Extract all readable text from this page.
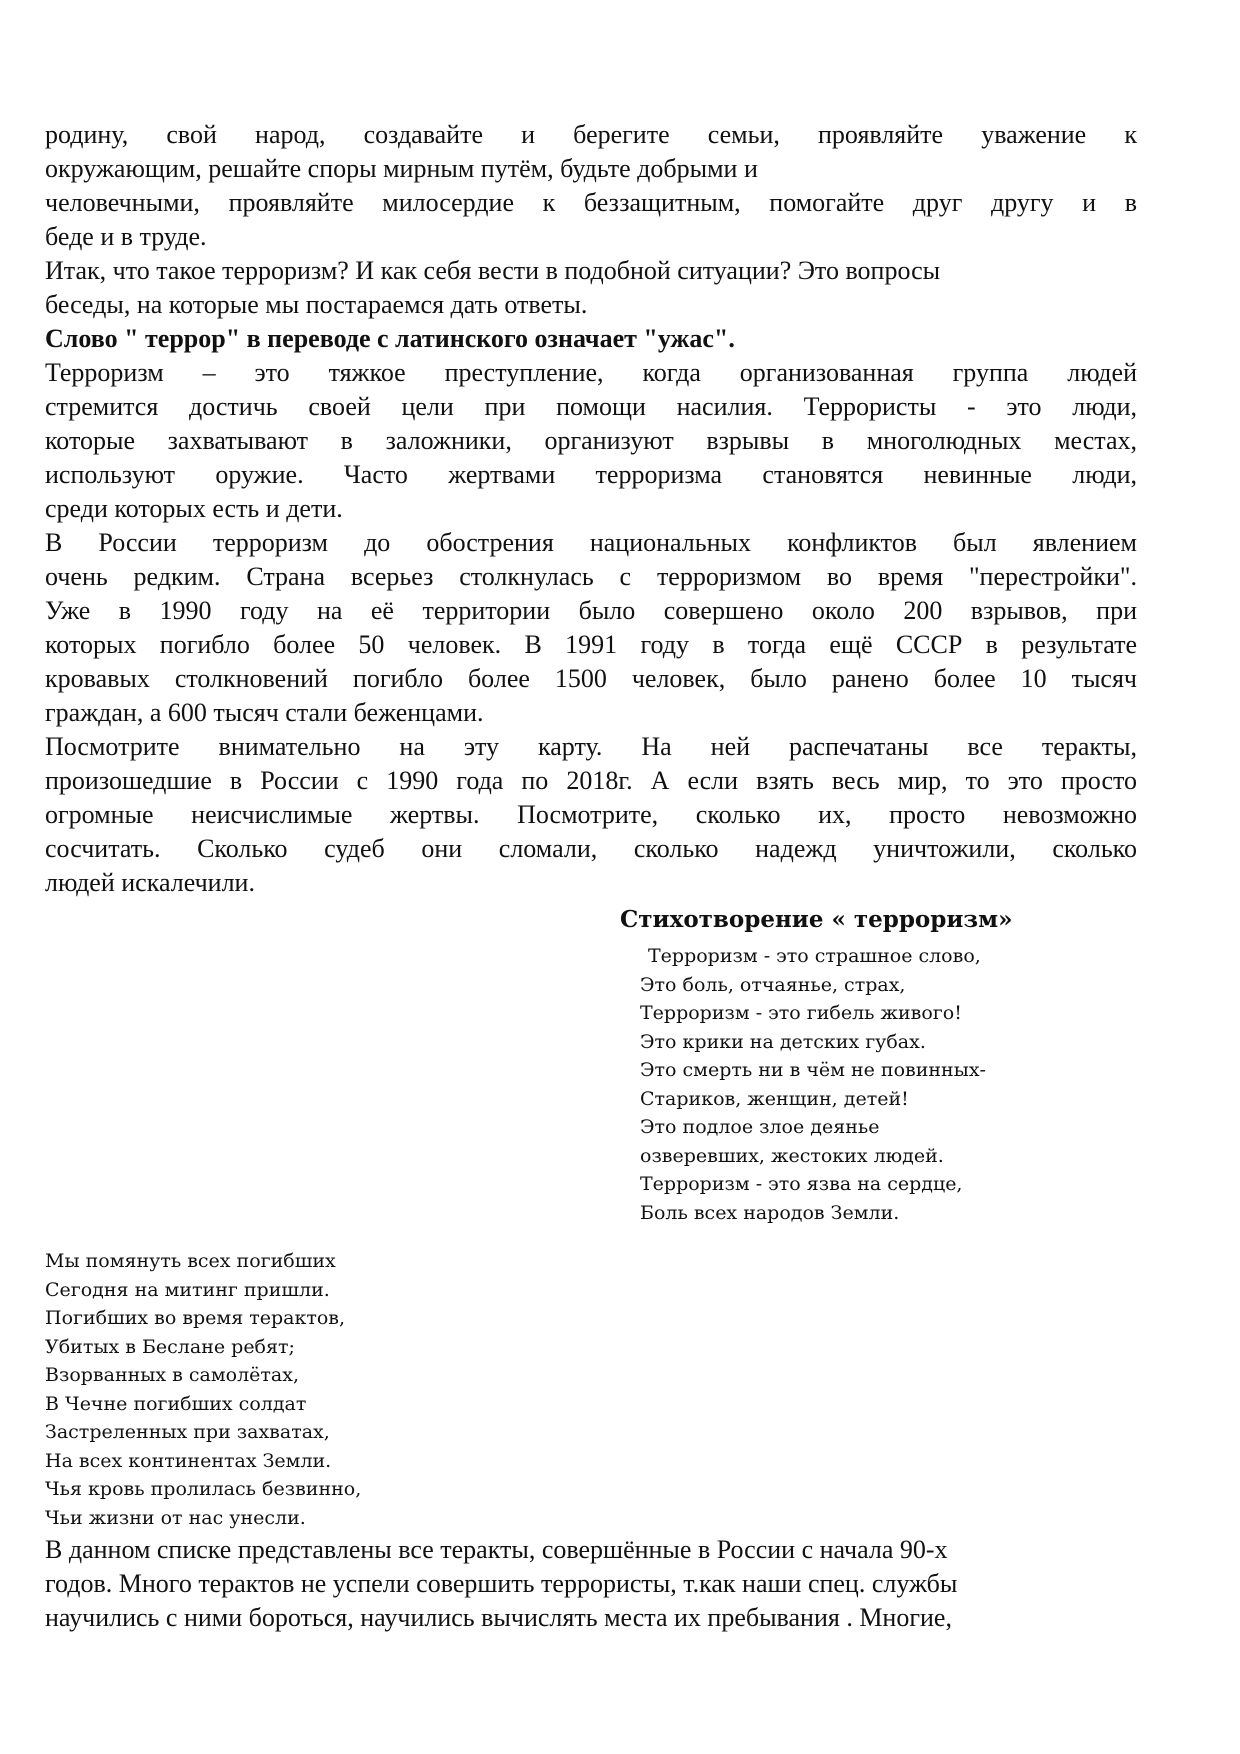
родину, свой народ, создавайте и берегите семьи, проявляйте уважение к
окружающим, решайте споры мирным путём, будьте добрыми и
человечными, проявляйте милосердие к беззащитным, помогайте друг другу и в
беде и в труде.

Итак, что такое терроризм? И как себя вести в подобной ситуации? Это вопросы
беседы, на которые мы постараемся дать ответы.

Слово " террор" в переводе с латинского означает "ужас".

Терроризм – это тяжкое преступление, когда организованная группа людей
стремится достичь своей цели при помощи насилия. Террористы - это люди,
которые захватывают в заложники, организуют взрывы в многолюдных местах,
используют оружие. Часто жертвами терроризма становятся невинные люди,
среди которых есть и дети.

В России терроризм до обострения национальных конфликтов был явлением
очень редким. Страна всерьез столкнулась с терроризмом во время "перестройки".
Уже в 1990 году на её территории было совершено около 200 взрывов, при
которых погибло более 50 человек. В 1991 году в тогда ещё СССР в результате
кровавых столкновений погибло более 1500 человек, было ранено более 10 тысяч
граждан, а 600 тысяч стали беженцами.

Посмотрите внимательно на эту карту. На ней распечатаны все теракты,
произошедшие в России с 1990 года по 2018г. А если взять весь мир, то это просто
огромные неисчислимые жертвы. Посмотрите, сколько их, просто невозможно
сосчитать. Сколько судеб они сломали, сколько надежд уничтожили, сколько
людей искалечили.

Стихотворение « терроризм»
Терроризм - это страшное слово,
Это боль, отчаянье, страх,
Терроризм - это гибель живого!
Это крики на детских губах.
Это смерть ни в чём не повинных-
Стариков, женщин, детей!
Это подлое злое деянье
озверевших, жестоких людей.
Терроризм - это язва на сердце,
Боль всех народов Земли.
Мы помянуть всех погибших
Сегодня на митинг пришли.
Погибших во время терактов,
Убитых в Беслане ребят;
Взорванных в самолётах,
В Чечне погибших солдат
Застреленных при захватах,
На всех континентах Земли.
Чья кровь пролилась безвинно,
Чьи жизни от нас унесли.

В данном списке представлены все теракты, совершённые в России с начала 90-х
годов. Много терактов не успели совершить террористы, т.как наши спец. службы
научились с ними бороться, научились вычислять места их пребывания . Многие,
